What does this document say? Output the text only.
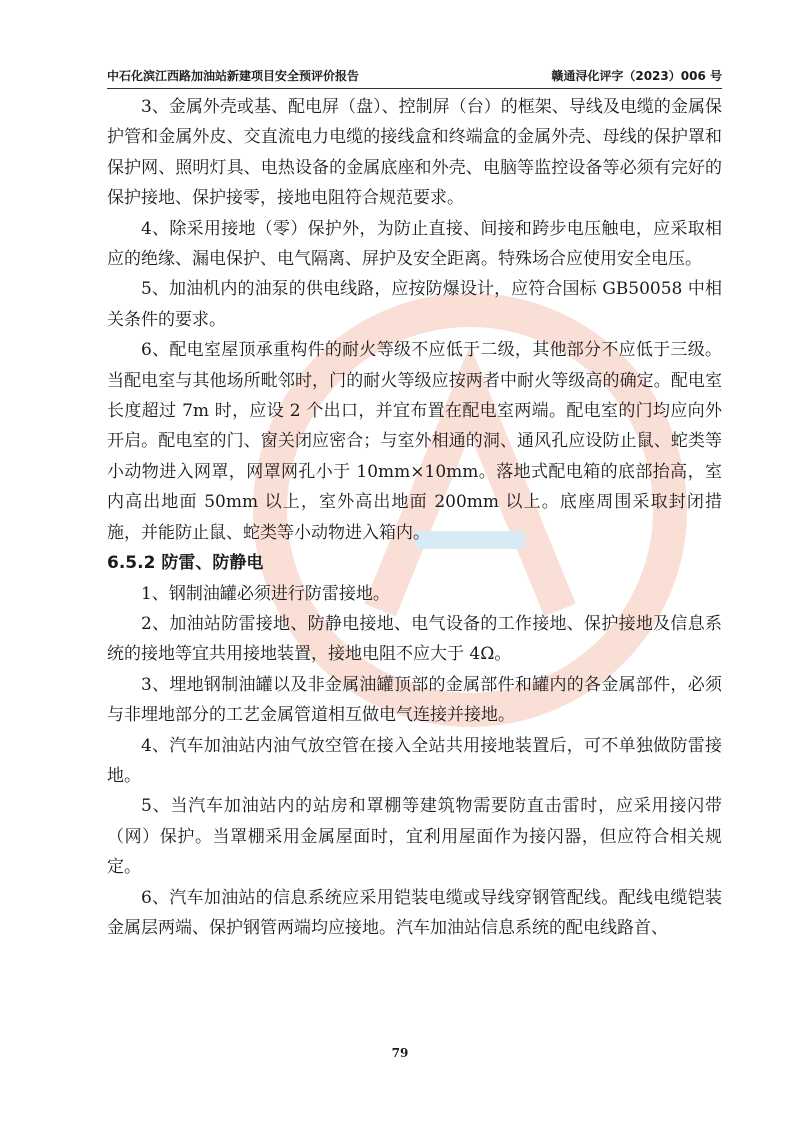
中石化滨江西路加油站新建项目安全预评价报告	赣通浔化评字（2023）006 号

3、金属外壳或基、配电屏（盘）、控制屏（台）的框架、导线及电缆的金属保护管和金属外皮、交直流电力电缆的接线盒和终端盒的金属外壳、母线的保护罩和保护网、照明灯具、电热设备的金属底座和外壳、电脑等监控设备等必须有完好的保护接地、保护接零，接地电阻符合规范要求。

4、除采用接地（零）保护外，为防止直接、间接和跨步电压触电，应采取相应的绝缘、漏电保护、电气隔离、屏护及安全距离。特殊场合应使用安全电压。

5、加油机内的油泵的供电线路，应按防爆设计，应符合国标 GB50058 中相关条件的要求。

6、配电室屋顶承重构件的耐火等级不应低于二级，其他部分不应低于三级。当配电室与其他场所毗邻时，门的耐火等级应按两者中耐火等级高的确定。配电室长度超过 7m 时，应设 2 个出口，并宜布置在配电室两端。配电室的门均应向外开启。配电室的门、窗关闭应密合；与室外相通的洞、通风孔应设防止鼠、蛇类等小动物进入网罩，网罩网孔小于 10mm×10mm。落地式配电箱的底部抬高，室内高出地面 50mm 以上，室外高出地面 200mm 以上。底座周围采取封闭措施，并能防止鼠、蛇类等小动物进入箱内。

6.5.2 防雷、防静电

1、钢制油罐必须进行防雷接地。

2、加油站防雷接地、防静电接地、电气设备的工作接地、保护接地及信息系统的接地等宜共用接地装置，接地电阻不应大于 4Ω。

3、埋地钢制油罐以及非金属油罐顶部的金属部件和罐内的各金属部件，必须与非埋地部分的工艺金属管道相互做电气连接并接地。

4、汽车加油站内油气放空管在接入全站共用接地装置后，可不单独做防雷接地。

5、当汽车加油站内的站房和罩棚等建筑物需要防直击雷时，应采用接闪带（网）保护。当罩棚采用金属屋面时，宜利用屋面作为接闪器，但应符合相关规定。

6、汽车加油站的信息系统应采用铠装电缆或导线穿钢管配线。配线电缆铠装金属层两端、保护钢管两端均应接地。汽车加油站信息系统的配电线路首、

79
